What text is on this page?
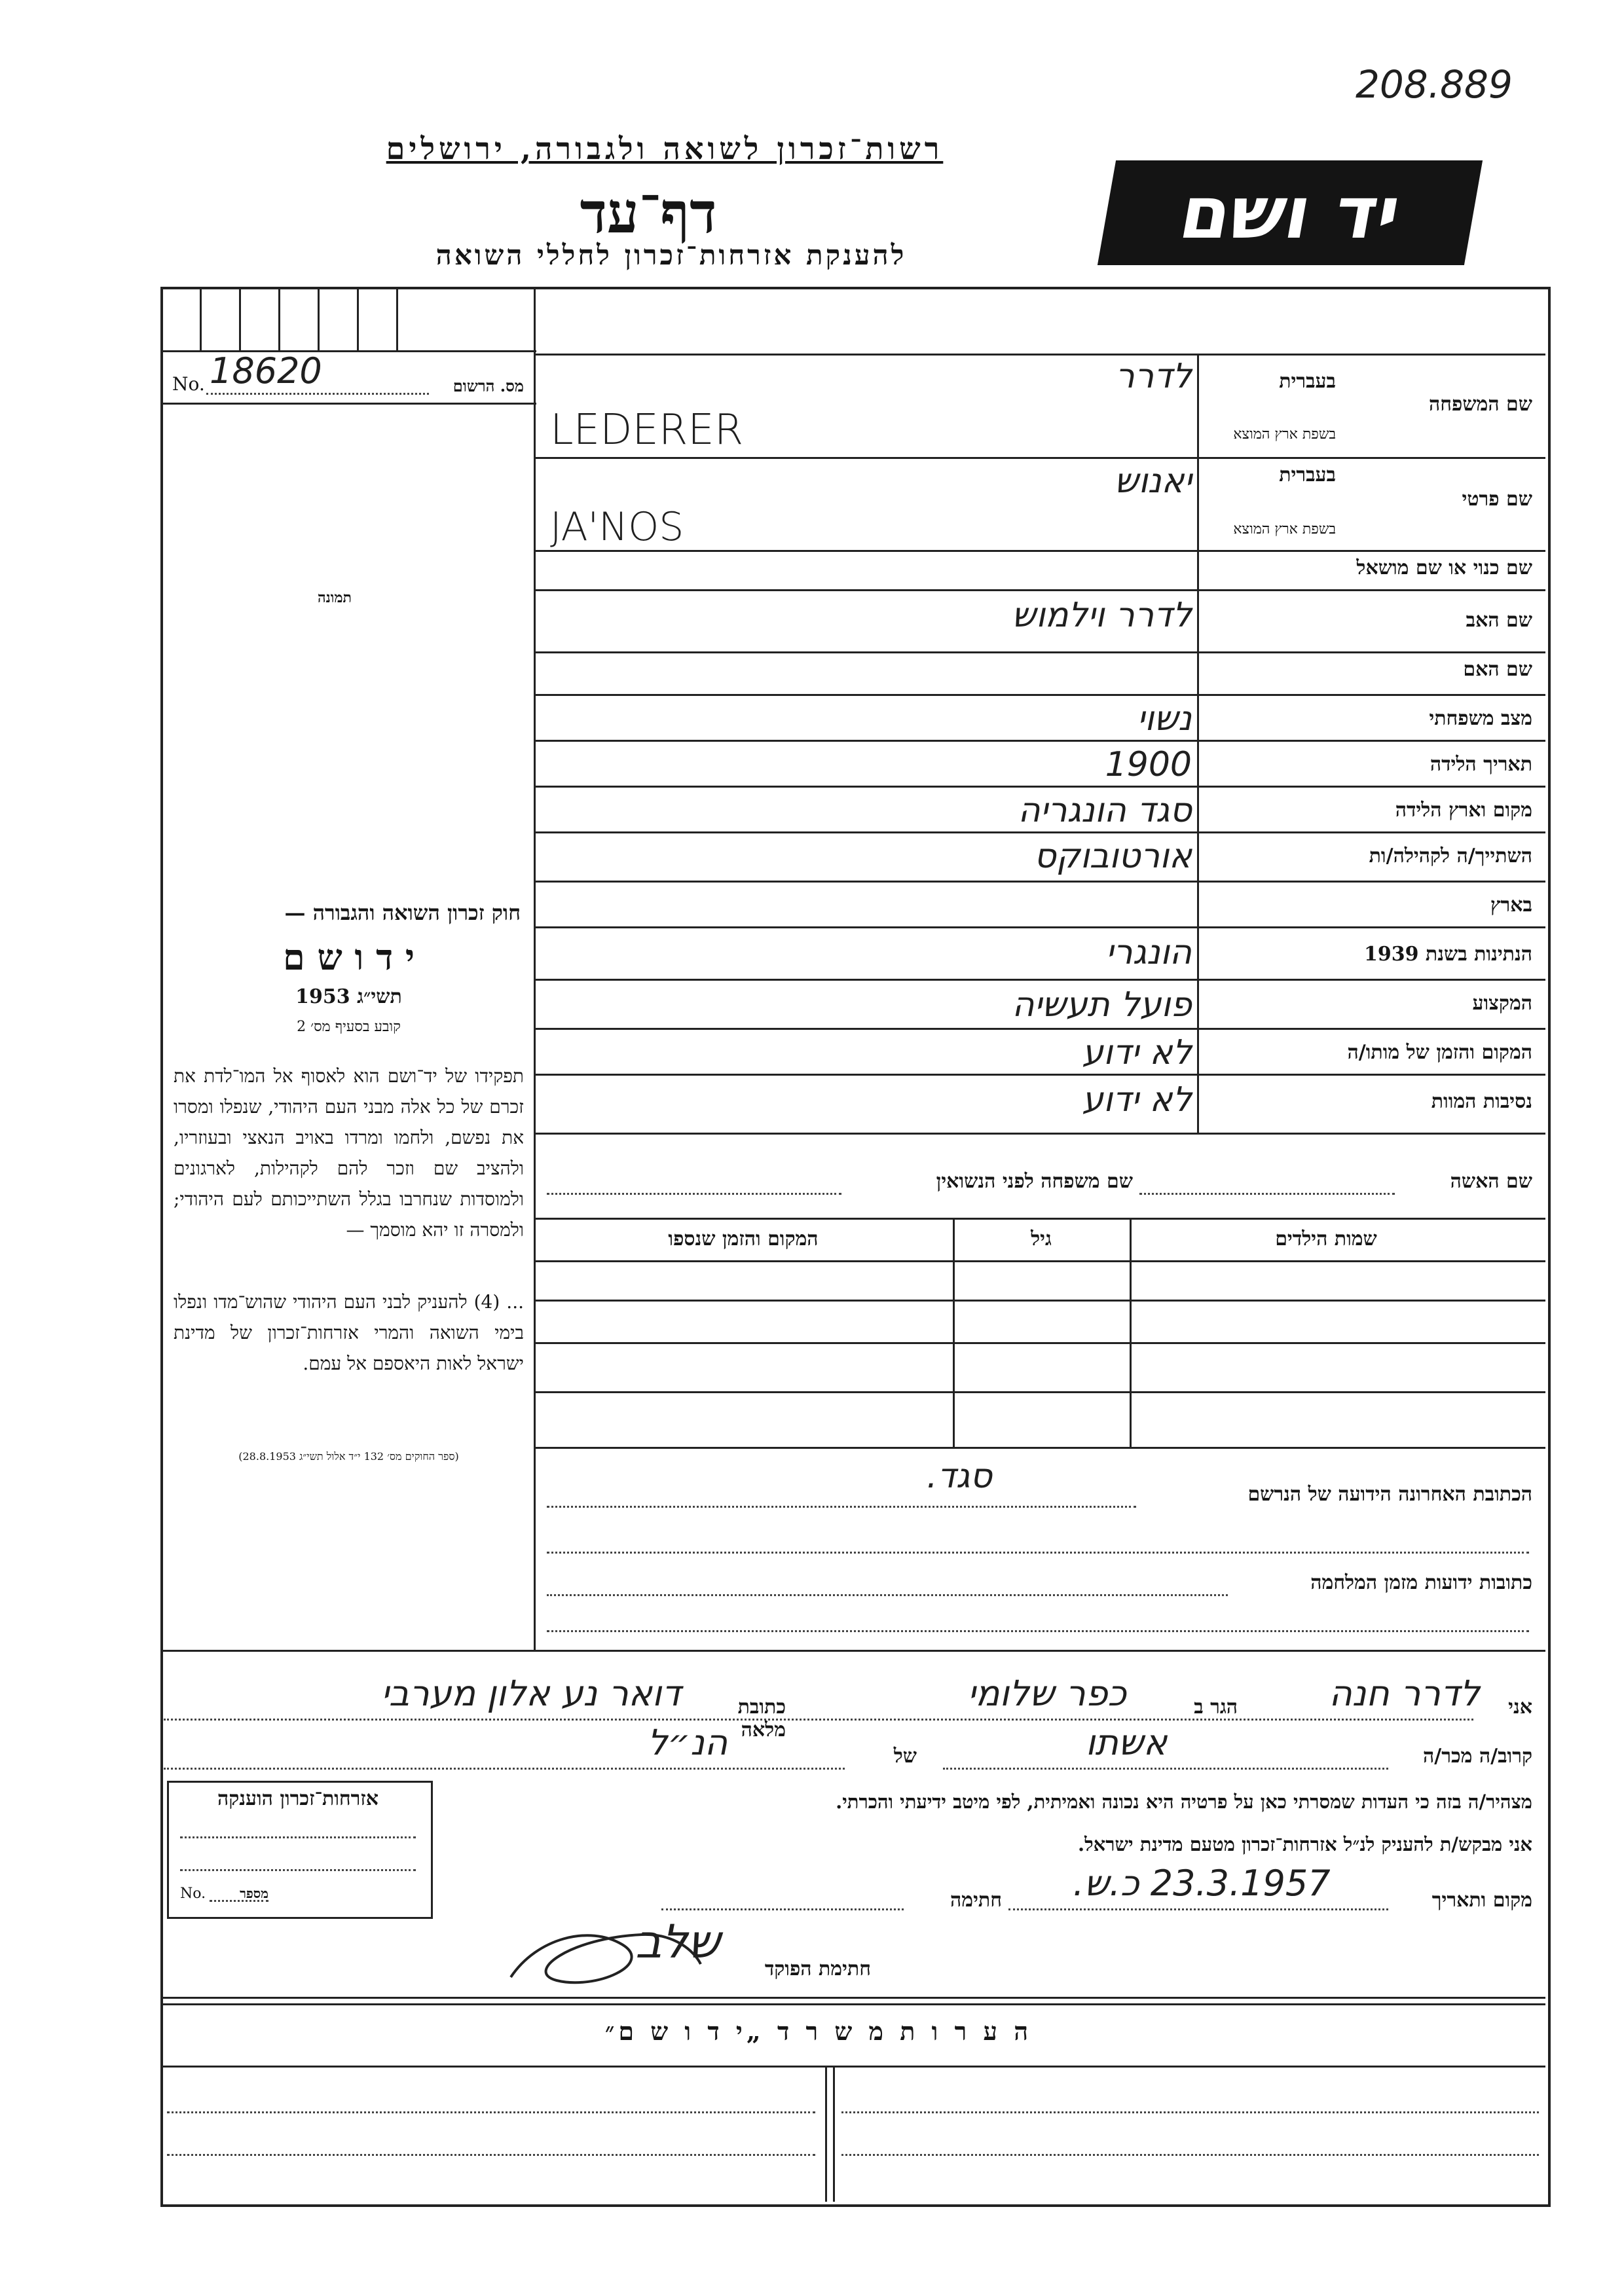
208.889
רשות־זכרון לשואה ולגבורה, ירושלים
דף־עד
להענקת אזרחות־זכרון לחללי השואה
יד ושם
No. 18620	מס. הרשום
תמונה
חוק זכרון השואה והגבורה —
י ד ו ש ם
תשי״ג 1953
קובע בסעיף מס׳ 2
תפקידו של יד־ושם הוא לאסוף אל המו־לדת את זכרם של כל אלה מבני העם היהודי, שנפלו ומסרו את נפשם, ולחמו ומרדו באויב הנאצי ובעוזריו, ולהציב שם וזכר להם לקהילות, לארגונים ולמוסדות שנחרבו בגלל השתייכותם לעם היהודי; ולמסרה זו יהא מוסמך —
... (4) להעניק לבני העם היהודי שהוש־מדו ונפלו בימי השואה והמרי אזרחות־זכרון של מדינת ישראל לאות היאספם אל עמם.
(ספר החוקים מס׳ 132 י״ד אלול תשי״ג 28.8.1953)
שם המשפחה
בעברית
בשפת ארץ המוצא
לדרר
LEDERER
שם פרטי
בעברית
בשפת ארץ המוצא
יאנוש
JA'NOS
שם כנוי או שם מושאל
שם האב
לדרר וילמוש
שם האם
מצב משפחתי
נשוי
תאריך הלידה
1900
מקום וארץ הלידה
סגד הונגריה
השתייך/ה לקהילה/ות
אורטובוקס
בארץ
הנתינות בשנת 1939
הונגרי
המקצוע
פועל תעשיה
המקום והזמן של מותו/ה
לא ידוע
נסיבות המוות
לא ידוע
שם האשה
שם משפחה לפני הנשואין
שמות הילדים
גיל
המקום והזמן שנספו
הכתובת האחרונה הידועה של הנרשם
סגד.
כתובות ידועות מזמן המלחמה
אני
לדרר חנה
הגר ב
כפר שלומי
כתובת מלאה
דואר נע אלון מערבי
קרוב/ה מכר/ה
אשתו
של
הנ״ל
מצהיר/ה בזה כי העדות שמסרתי כאן על פרטיה היא נכונה ואמיתית, לפי מיטב ידיעתי והכרתי.
אני מבקש/ת להעניק לנ״ל אזרחות־זכרון מטעם מדינת ישראל.
מקום ותאריך
23.3.1957 כ.ש.
חתימה
חתימת הפוקד
שלב
אזרחות־זכרון הוענקה
No.	מספר
ה ע ר ו ת מ ש ר ד „י ד ו ש ם״
